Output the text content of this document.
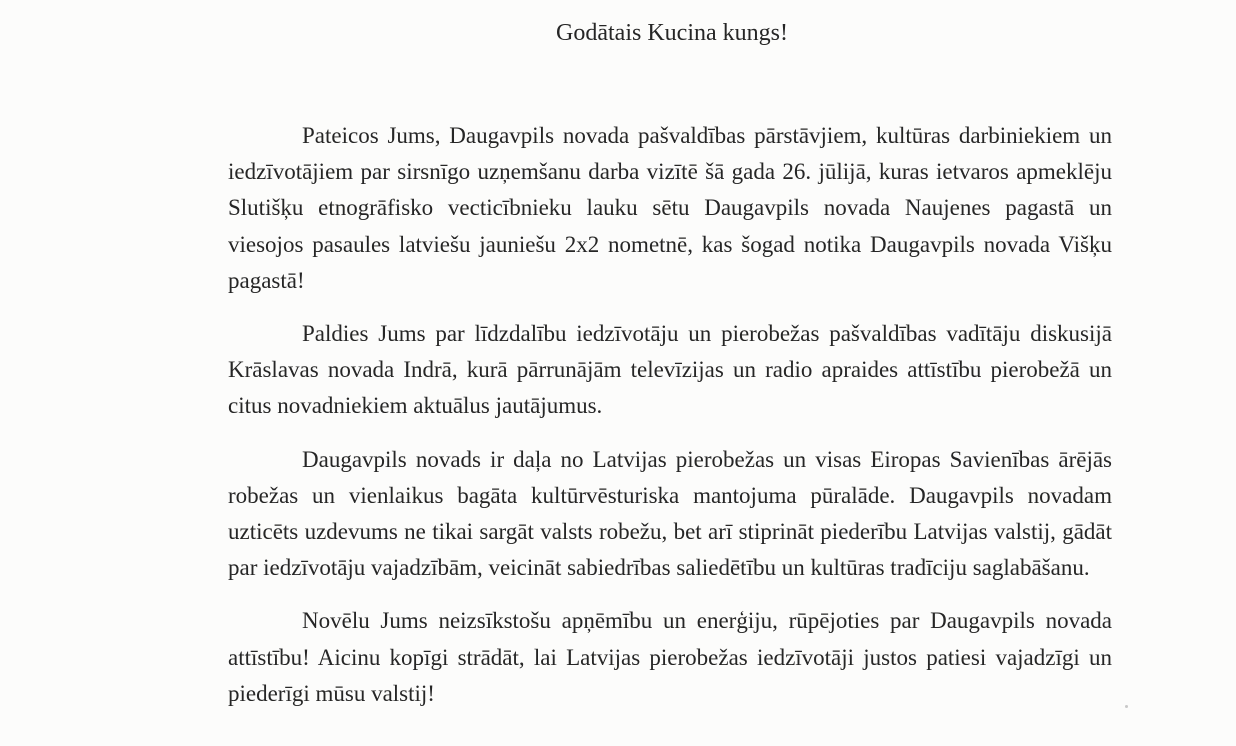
Godātais Kucina kungs!

Pateicos Jums, Daugavpils novada pašvaldības pārstāvjiem, kultūras darbiniekiem un iedzīvotājiem par sirsnīgo uzņemšanu darba vizītē šā gada 26. jūlijā, kuras ietvaros apmeklēju Slutišķu etnogrāfisko vecticībnieku lauku sētu Daugavpils novada Naujenes pagastā un viesojos pasaules latviešu jauniešu 2x2 nometnē, kas šogad notika Daugavpils novada Višķu pagastā!

Paldies Jums par līdzdalību iedzīvotāju un pierobežas pašvaldības vadītāju diskusijā Krāslavas novada Indrā, kurā pārrunājām televīzijas un radio apraides attīstību pierobežā un citus novadniekiem aktuālus jautājumus.

Daugavpils novads ir daļa no Latvijas pierobežas un visas Eiropas Savienības ārējās robežas un vienlaikus bagāta kultūrvēsturiska mantojuma pūralāde. Daugavpils novadam uzticēts uzdevums ne tikai sargāt valsts robežu, bet arī stiprināt piederību Latvijas valstij, gādāt par iedzīvotāju vajadzībām, veicināt sabiedrības saliedētību un kultūras tradīciju saglabāšanu.

Novēlu Jums neizsīkstošu apņēmību un enerģiju, rūpējoties par Daugavpils novada attīstību! Aicinu kopīgi strādāt, lai Latvijas pierobežas iedzīvotāji justos patiesi vajadzīgi un piederīgi mūsu valstij!
